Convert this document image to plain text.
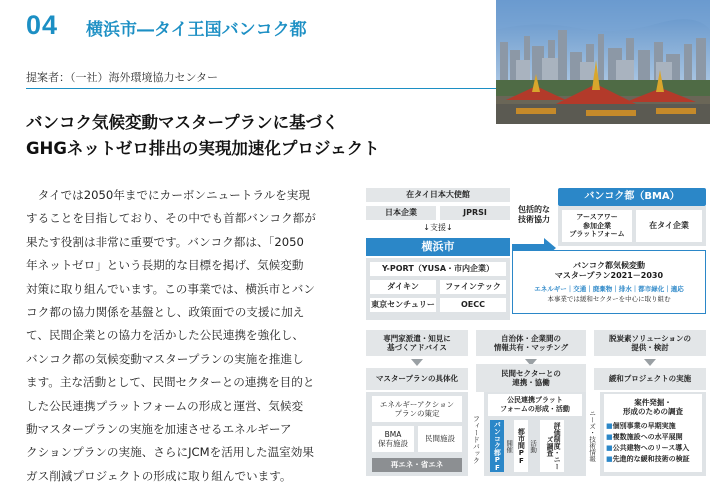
04 横浜市―タイ王国バンコク都
提案者：（一社）海外環境協力センター
バンコク気候変動マスタープランに基づく
GHGネットゼロ排出の実現加速化プロジェクト
　タイでは2050年までにカーボンニュートラルを実現
することを目指しており、その中でも首都バンコク都が
果たす役割は非常に重要です。バンコク都は、「2050
年ネットゼロ」という長期的な目標を掲げ、気候変動
対策に取り組んでいます。この事業では、横浜市とバン
コク都の協力関係を基盤とし、政策面での支援に加え
て、民間企業との協力を活かした公民連携を強化し、
バンコク都の気候変動マスタープランの実施を推進し
ます。主な活動として、民間セクターとの連携を目的と
した公民連携プラットフォームの形成と運営、気候変
動マスタープランの実施を加速させるエネルギーア
クションプランの実施、さらにJCMを活用した温室効果
ガス削減プロジェクトの形成に取り組んでいます。
在タイ日本大使館
日本企業	JPRSI
↓支援↓
横浜市
Y-PORT（YUSA・市内企業）
ダイキン	ファインテック
東京センチュリー	OECC
包括的な
技術協力
バンコク都（BMA）
アースアワー
参加企業
プラットフォーム
在タイ企業
バンコク都気候変動
マスタープラン2021－2030
エネルギー｜交通｜廃棄物｜排水｜都市緑化｜適応
本事業では緩和セクターを中心に取り組む
専門家派遣・知見に
基づくアドバイス
自治体・企業間の
情報共有・マッチング
脱炭素ソリューションの
提供・検討
マスタープランの具体化
民間セクターとの
連携・協働	緩和プロジェクトの実施
エネルギーアクション
プランの策定
BMA
保有施設
民間施設
再エネ・省エネ
フィードバック
公民連携プラット
フォームの形成・活動
バンコク都PF 開催 都市間PF 活動	評価制度・ニーズ調査	ニーズ・技術情報
案件発掘・
形成のための調査
■個別事業の早期実施
■複数施設への水平展開
■公共建物へのリース導入
■先進的な緩和技術の検証
